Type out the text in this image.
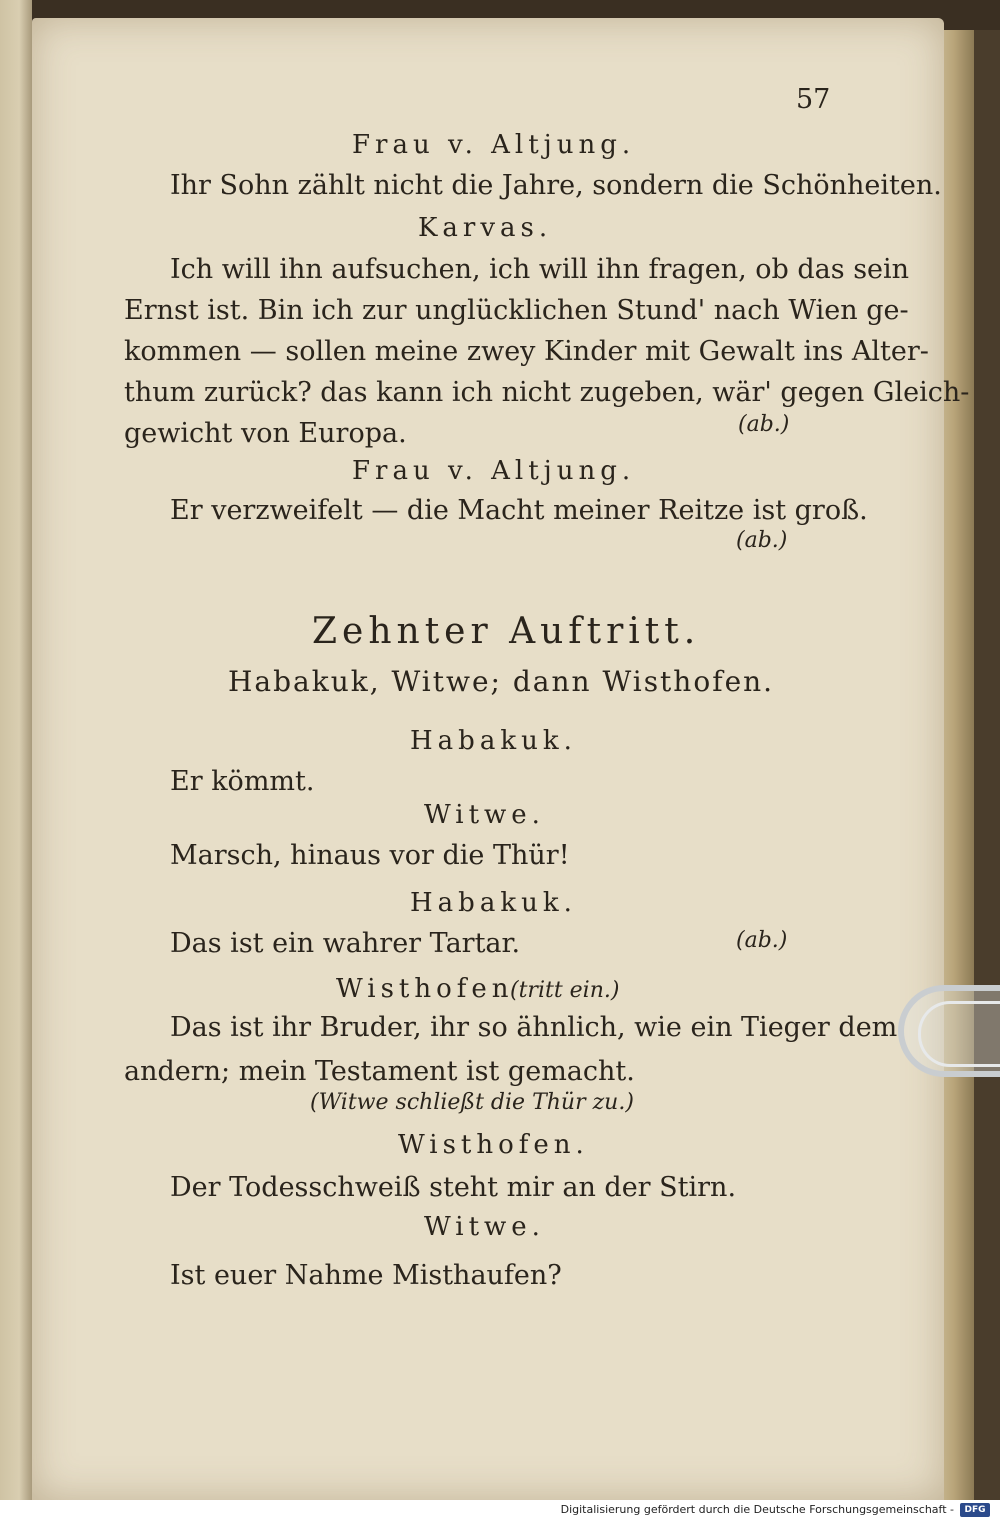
57
Frau v. Altjung.
Ihr Sohn zählt nicht die Jahre, sondern die Schönheiten.
Karvas.
Ich will ihn aufsuchen, ich will ihn fragen, ob das sein
Ernst ist. Bin ich zur unglücklichen Stund' nach Wien ge-
kommen — sollen meine zwey Kinder mit Gewalt ins Alter-
thum zurück? das kann ich nicht zugeben, wär' gegen Gleich-
gewicht von Europa.	(ab.)
Frau v. Altjung.
Er verzweifelt — die Macht meiner Reitze ist groß.
(ab.)
Zehnter Auftritt.
Habakuk, Witwe; dann Wisthofen.
Habakuk.
Er kömmt.
Witwe.
Marsch, hinaus vor die Thür!
Habakuk.
Das ist ein wahrer Tartar.	(ab.)
Wisthofen
(tritt ein.)
Das ist ihr Bruder, ihr so ähnlich, wie ein Tieger dem
andern; mein Testament ist gemacht.
(Witwe schließt die Thür zu.)
Wisthofen.
Der Todesschweiß steht mir an der Stirn.
Witwe.
Ist euer Nahme Misthaufen?
Digitalisierung gefördert durch die Deutsche Forschungsgemeinschaft -	DFG
